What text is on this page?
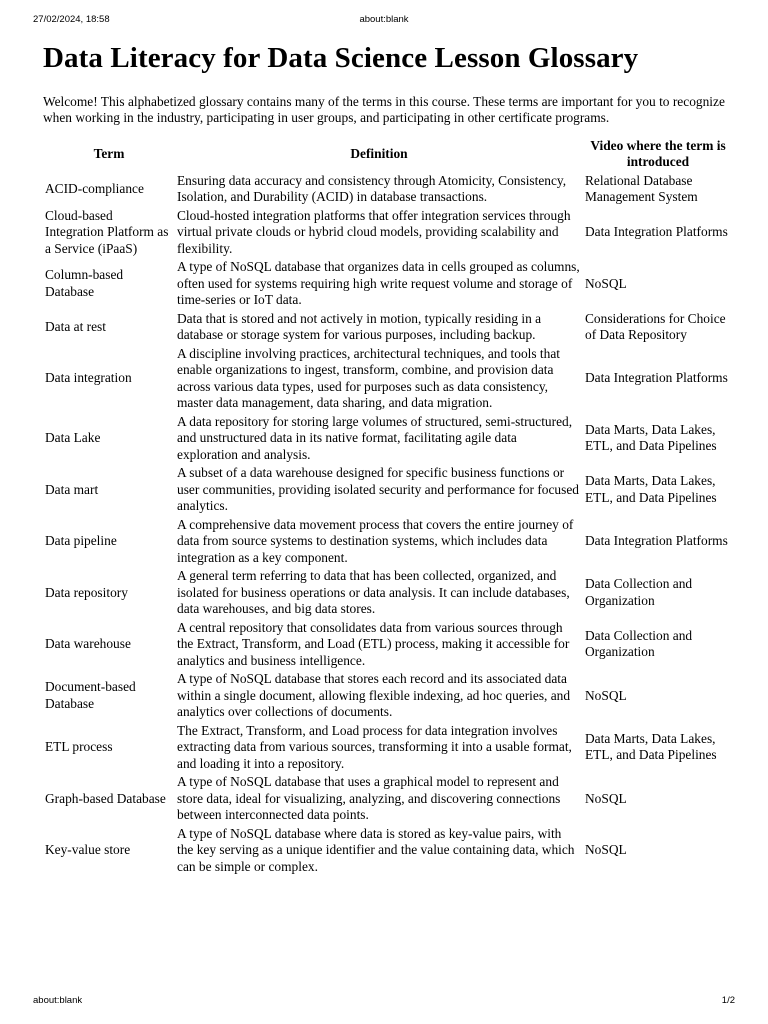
27/02/2024, 18:58	about:blank
Data Literacy for Data Science Lesson Glossary

Welcome! This alphabetized glossary contains many of the terms in this course. These terms are important for you to recognize when working in the industry, participating in user groups, and participating in other certificate programs.

Term	Definition	Video where the term is introduced
ACID-compliance	Ensuring data accuracy and consistency through Atomicity, Consistency, Isolation, and Durability (ACID) in database transactions.	Relational Database Management System
Cloud-based Integration Platform as a Service (iPaaS)	Cloud-hosted integration platforms that offer integration services through virtual private clouds or hybrid cloud models, providing scalability and flexibility.	Data Integration Platforms
Column-based Database	A type of NoSQL database that organizes data in cells grouped as columns, often used for systems requiring high write request volume and storage of time-series or IoT data.	NoSQL
Data at rest	Data that is stored and not actively in motion, typically residing in a database or storage system for various purposes, including backup.	Considerations for Choice of Data Repository
Data integration	A discipline involving practices, architectural techniques, and tools that enable organizations to ingest, transform, combine, and provision data across various data types, used for purposes such as data consistency, master data management, data sharing, and data migration.	Data Integration Platforms
Data Lake	A data repository for storing large volumes of structured, semi-structured, and unstructured data in its native format, facilitating agile data exploration and analysis.	Data Marts, Data Lakes, ETL, and Data Pipelines
Data mart	A subset of a data warehouse designed for specific business functions or user communities, providing isolated security and performance for focused analytics.	Data Marts, Data Lakes, ETL, and Data Pipelines
Data pipeline	A comprehensive data movement process that covers the entire journey of data from source systems to destination systems, which includes data integration as a key component.	Data Integration Platforms
Data repository	A general term referring to data that has been collected, organized, and isolated for business operations or data analysis. It can include databases, data warehouses, and big data stores.	Data Collection and Organization
Data warehouse	A central repository that consolidates data from various sources through the Extract, Transform, and Load (ETL) process, making it accessible for analytics and business intelligence.	Data Collection and Organization
Document-based Database	A type of NoSQL database that stores each record and its associated data within a single document, allowing flexible indexing, ad hoc queries, and analytics over collections of documents.	NoSQL
ETL process	The Extract, Transform, and Load process for data integration involves extracting data from various sources, transforming it into a usable format, and loading it into a repository.	Data Marts, Data Lakes, ETL, and Data Pipelines
Graph-based Database	A type of NoSQL database that uses a graphical model to represent and store data, ideal for visualizing, analyzing, and discovering connections between interconnected data points.	NoSQL
Key-value store	A type of NoSQL database where data is stored as key-value pairs, with the key serving as a unique identifier and the value containing data, which can be simple or complex.	NoSQL
about:blank	1/2
